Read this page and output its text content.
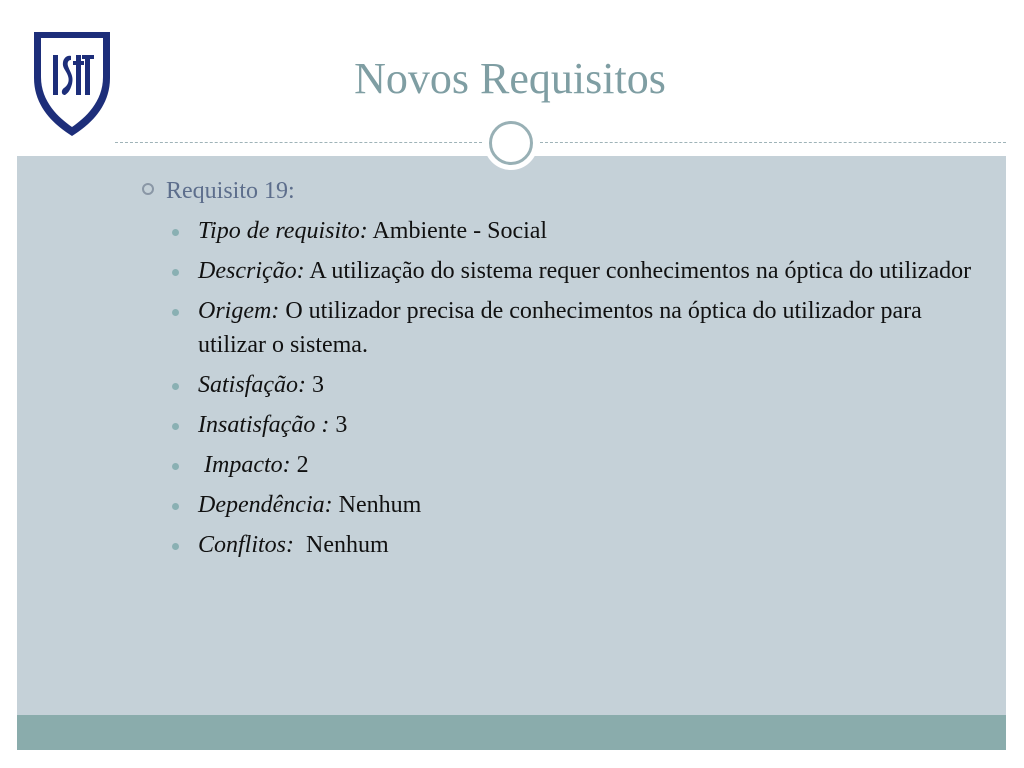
Novos Requisitos
Requisito 19:
Tipo de requisito: Ambiente - Social
Descrição: A utilização do sistema requer conhecimentos na óptica do utilizador
Origem: O utilizador precisa de conhecimentos na óptica do utilizador para utilizar o sistema.
Satisfação: 3
Insatisfação : 3
Impacto: 2
Dependência: Nenhum
Conflitos:  Nenhum
